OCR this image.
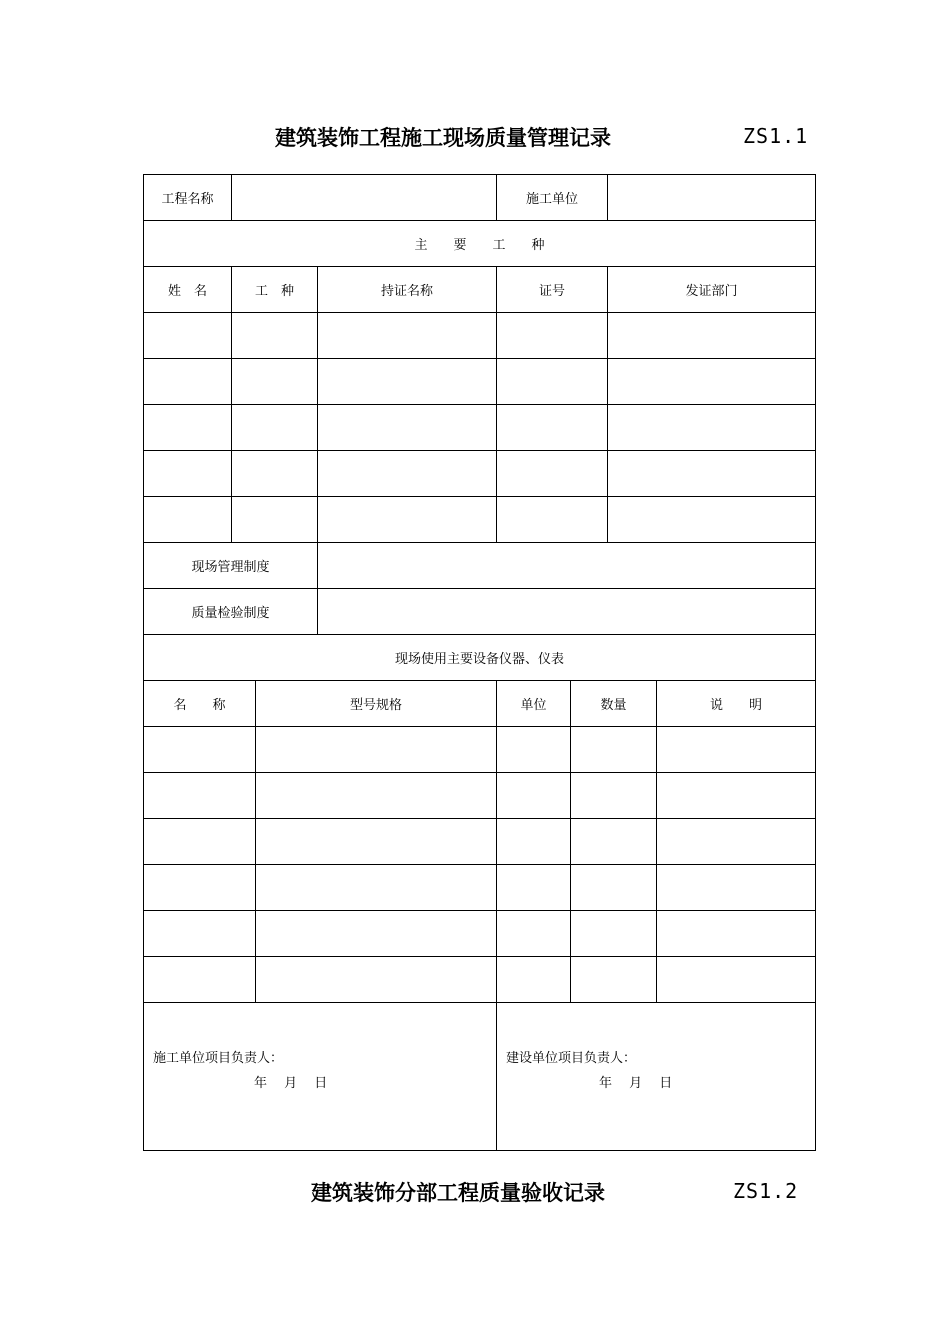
建筑装饰工程施工现场质量管理记录	ZS1.1
工程名称	施工单位
主　　要　　工　　种
姓　名	工　种	持证名称	证号	发证部门
现场管理制度
质量检验制度
现场使用主要设备仪器、仪表
名　　称	型号规格	单位	数量	说　　明
施工单位项目负责人：
年　 月　 日
建设单位项目负责人：
年　 月　 日
建筑装饰分部工程质量验收记录	ZS1.2
